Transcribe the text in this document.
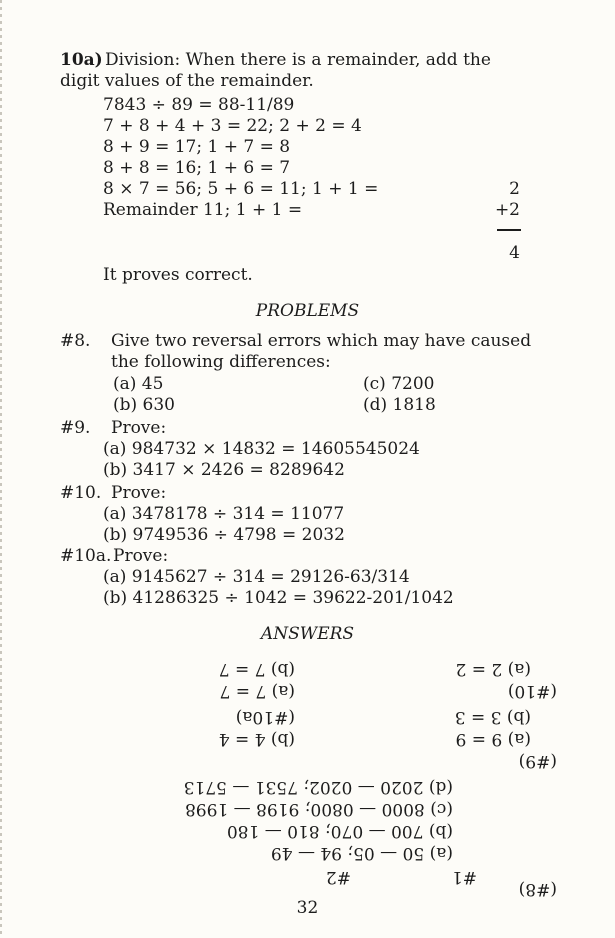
10a) Division: When there is a remainder, add the
digit values of the remainder.
7843 ÷ 89 = 88-11/89
7 + 8 + 4 + 3 = 22; 2 + 2 = 4
8 + 9 = 17; 1 + 7 = 8
8 + 8 = 16; 1 + 6 = 7
8 × 7 = 56; 5 + 6 = 11; 1 + 1 =
Remainder 11; 1 + 1 =
2
+2
4
It proves correct.
PROBLEMS
#8. Give two reversal errors which may have caused
the following differences:
(a) 45	(c) 7200
(b) 630	(d) 1818
#9. Prove:
(a) 984732 × 14832 = 14605545024
(b) 3417 × 2426 = 8289642
#10. Prove:
(a) 3478178 ÷ 314 = 11077
(b) 9749536 ÷ 4798 = 2032
#10a. Prove:
(a) 9145627 ÷ 314 = 29126-63/314
(b) 41286325 ÷ 1042 = 39622-201/1042
ANSWERS
(#8)
#1
#2
(a) 50 — 05; 94 — 49
(b) 700 — 070; 810 — 180
(c) 8000 — 0800; 9198 — 1998
(d) 2020 — 0202; 7531 — 5713
(#9)
(a) 9 = 9
(b) 3 = 3
(#10)
(a) 2 = 2
(b) 4 = 4
(#10a)
(a) 7 = 7
(b) 7 = 7
32
